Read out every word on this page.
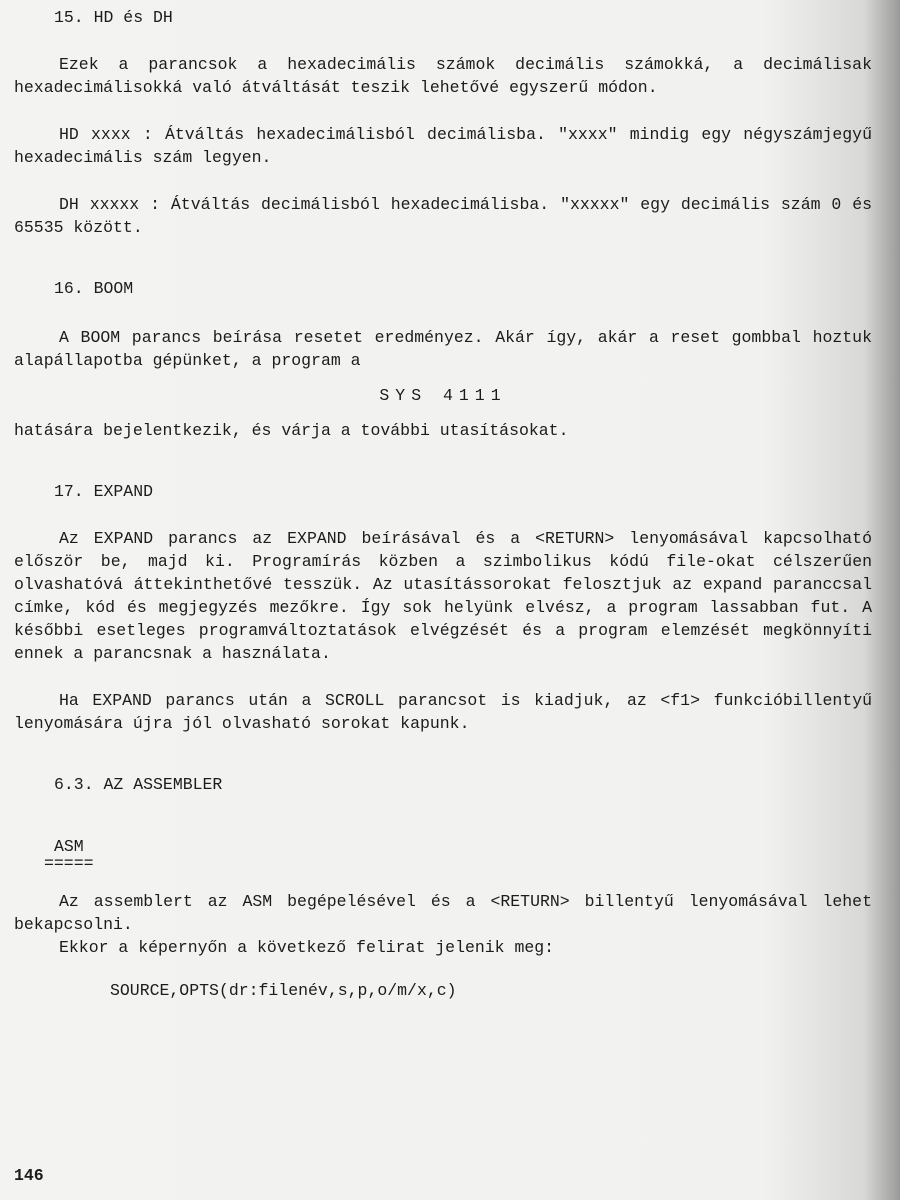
15. HD és DH

Ezek a parancsok a hexadecimális számok decimális számokká, a decimálisak hexadecimálisokká való átváltását teszik lehetővé egyszerű módon.

HD xxxx : Átváltás hexadecimálisból decimálisba. "xxxx" mindig egy négyszámjegyű hexadecimális szám legyen.

DH xxxxx : Átváltás decimálisból hexadecimálisba. "xxxxx" egy decimális szám 0 és 65535 között.

16. BOOM

A BOOM parancs beírása resetet eredményez. Akár így, akár a reset gombbal hoztuk alapállapotba gépünket, a program a

SYS 4111

hatására bejelentkezik, és várja a további utasításokat.

17. EXPAND

Az EXPAND parancs az EXPAND beírásával és a <RETURN> lenyomásával kapcsolható először be, majd ki. Programírás közben a szimbolikus kódú file-okat célszerűen olvashatóvá áttekinthetővé tesszük. Az utasítássorokat felosztjuk az expand paranccsal címke, kód és megjegyzés mezőkre. Így sok helyünk elvész, a program lassabban fut. A későbbi esetleges programváltoztatások elvégzését és a program elemzését megkönnyíti ennek a parancsnak a használata.

Ha EXPAND parancs után a SCROLL parancsot is kiadjuk, az <f1> funkcióbillentyű lenyomására újra jól olvasható sorokat kapunk.

6.3. AZ ASSEMBLER

ASM

=====

Az assemblert az ASM begépelésével és a <RETURN> billentyű lenyomásával lehet bekapcsolni.

Ekkor a képernyőn a következő felirat jelenik meg:

SOURCE,OPTS(dr:filenév,s,p,o/m/x,c)

146
